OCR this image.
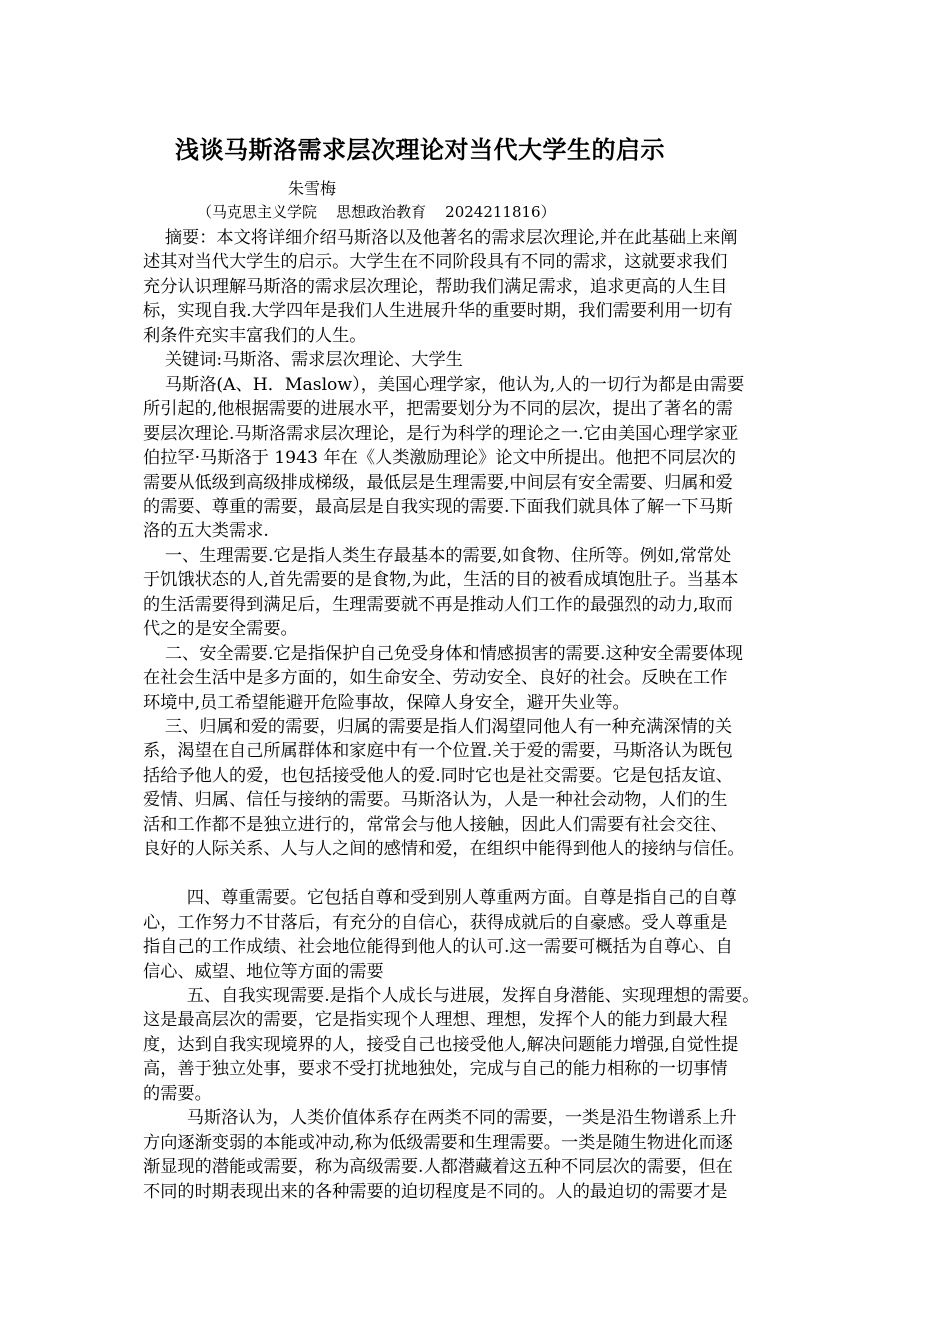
浅谈马斯洛需求层次理论对当代大学生的启示
朱雪梅
（马克思主义学院    思想政治教育    2024211816）
摘要：本文将详细介绍马斯洛以及他著名的需求层次理论,并在此基础上来阐
述其对当代大学生的启示。大学生在不同阶段具有不同的需求，这就要求我们
充分认识理解马斯洛的需求层次理论，帮助我们满足需求，追求更高的人生目
标，实现自我.大学四年是我们人生进展升华的重要时期，我们需要利用一切有
利条件充实丰富我们的人生。
关键词:马斯洛、需求层次理论、大学生
马斯洛(A、H．Maslow），美国心理学家，他认为,人的一切行为都是由需要
所引起的,他根据需要的进展水平，把需要划分为不同的层次，提出了著名的需
要层次理论.马斯洛需求层次理论，是行为科学的理论之一.它由美国心理学家亚
伯拉罕·马斯洛于 1943 年在《人类激励理论》论文中所提出。他把不同层次的
需要从低级到高级排成梯级，最低层是生理需要,中间层有安全需要、归属和爱
的需要、尊重的需要，最高层是自我实现的需要.下面我们就具体了解一下马斯
洛的五大类需求.
一、生理需要.它是指人类生存最基本的需要,如食物、住所等。例如,常常处
于饥饿状态的人,首先需要的是食物,为此，生活的目的被看成填饱肚子。当基本
的生活需要得到满足后，生理需要就不再是推动人们工作的最强烈的动力,取而
代之的是安全需要。
二、安全需要.它是指保护自己免受身体和情感损害的需要.这种安全需要体现
在社会生活中是多方面的，如生命安全、劳动安全、良好的社会。反映在工作
环境中,员工希望能避开危险事故，保障人身安全，避开失业等。
三、归属和爱的需要，归属的需要是指人们渴望同他人有一种充满深情的关
系，渴望在自己所属群体和家庭中有一个位置.关于爱的需要，马斯洛认为既包
括给予他人的爱，也包括接受他人的爱.同时它也是社交需要。它是包括友谊、
爱情、归属、信任与接纳的需要。马斯洛认为，人是一种社会动物，人们的生
活和工作都不是独立进行的，常常会与他人接触，因此人们需要有社会交往、
良好的人际关系、人与人之间的感情和爱，在组织中能得到他人的接纳与信任。
四、尊重需要。它包括自尊和受到别人尊重两方面。自尊是指自己的自尊
心，工作努力不甘落后，有充分的自信心，获得成就后的自豪感。受人尊重是
指自己的工作成绩、社会地位能得到他人的认可.这一需要可概括为自尊心、自
信心、威望、地位等方面的需要
五、自我实现需要.是指个人成长与进展，发挥自身潜能、实现理想的需要。
这是最高层次的需要，它是指实现个人理想、理想，发挥个人的能力到最大程
度，达到自我实现境界的人，接受自己也接受他人,解决问题能力增强,自觉性提
高，善于独立处事，要求不受打扰地独处，完成与自己的能力相称的一切事情
的需要。
马斯洛认为，人类价值体系存在两类不同的需要，一类是沿生物谱系上升
方向逐渐变弱的本能或冲动,称为低级需要和生理需要。一类是随生物进化而逐
渐显现的潜能或需要，称为高级需要.人都潜藏着这五种不同层次的需要，但在
不同的时期表现出来的各种需要的迫切程度是不同的。人的最迫切的需要才是
